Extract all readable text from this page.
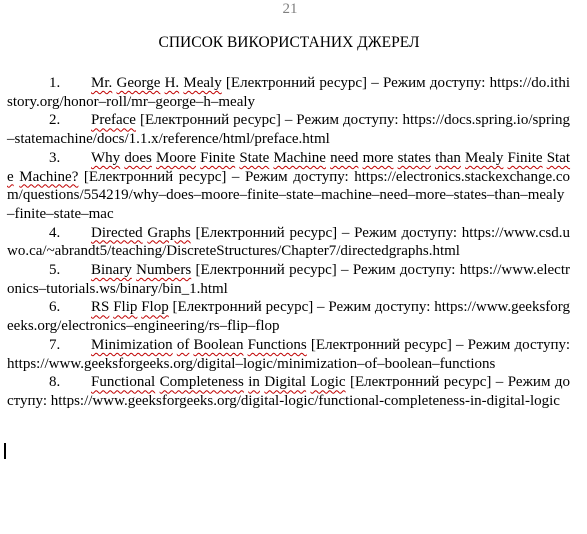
21
СПИСОК ВИКОРИСТАНИХ ДЖЕРЕЛ

1. Mr. George H. Mealy [Електронний ресурс] – Режим доступу: https://do.ithistory.org/honor–roll/mr–george–h–mealy

2. Preface [Електронний ресурс] – Режим доступу: https://docs.spring.io/spring–statemachine/docs/1.1.x/reference/html/preface.html

3. Why does Moore Finite State Machine need more states than Mealy Finite State Machine? [Електронний ресурс] – Режим доступу: https://electronics.stackexchange.com/questions/554219/why–does–moore–finite–state–machine–need–more–states–than–mealy–finite–state–mac

4. Directed Graphs [Електронний ресурс] – Режим доступу: https://www.csd.uwo.ca/~abrandt5/teaching/DiscreteStructures/Chapter7/directedgraphs.html

5. Binary Numbers [Електронний ресурс] – Режим доступу: https://www.electronics–tutorials.ws/binary/bin_1.html

6. RS Flip Flop [Електронний ресурс] – Режим доступу: https://www.geeksforgeeks.org/electronics–engineering/rs–flip–flop

7. Minimization of Boolean Functions [Електронний ресурс] – Режим доступу: https://www.geeksforgeeks.org/digital–logic/minimization–of–boolean–functions

8. Functional Completeness in Digital Logic [Електронний ресурс] – Режим доступу: https://www.geeksforgeeks.org/digital-logic/functional-completeness-in-digital-logic
